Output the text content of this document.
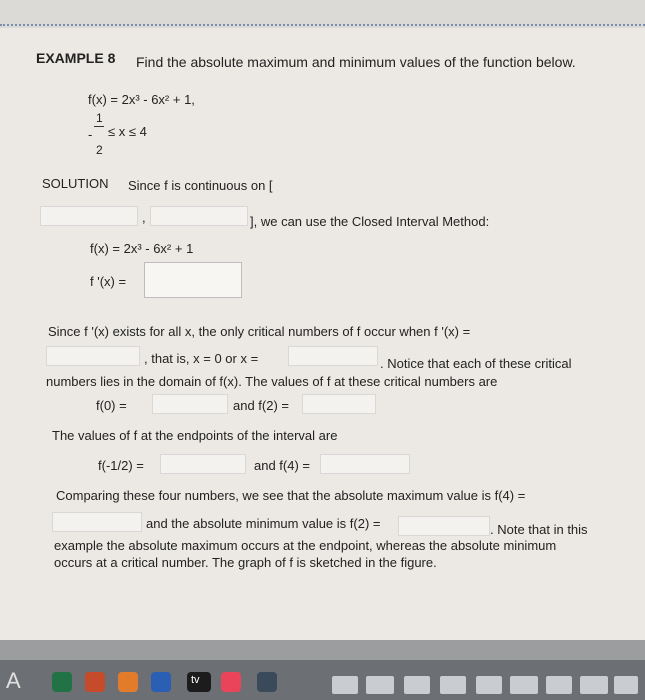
EXAMPLE 8 Find the absolute maximum and minimum values of the function below.
f(x) = 2x³ - 6x² + 1,
1
- ≤ x ≤ 4
2
SOLUTION Since f is continuous on [
,	], we can use the Closed Interval Method:
f(x) = 2x³ - 6x² + 1
f '(x) =
Since f '(x) exists for all x, the only critical numbers of f occur when f '(x) =
, that is, x = 0 or x =	. Notice that each of these critical
numbers lies in the domain of f(x). The values of f at these critical numbers are
f(0) =	and f(2) =
The values of f at the endpoints of the interval are
f(-1/2) =	and f(4) =
Comparing these four numbers, we see that the absolute maximum value is f(4) =
and the absolute minimum value is f(2) =	. Note that in this
example the absolute maximum occurs at the endpoint, whereas the absolute minimum
occurs at a critical number. The graph of f is sketched in the figure.
A	tv
